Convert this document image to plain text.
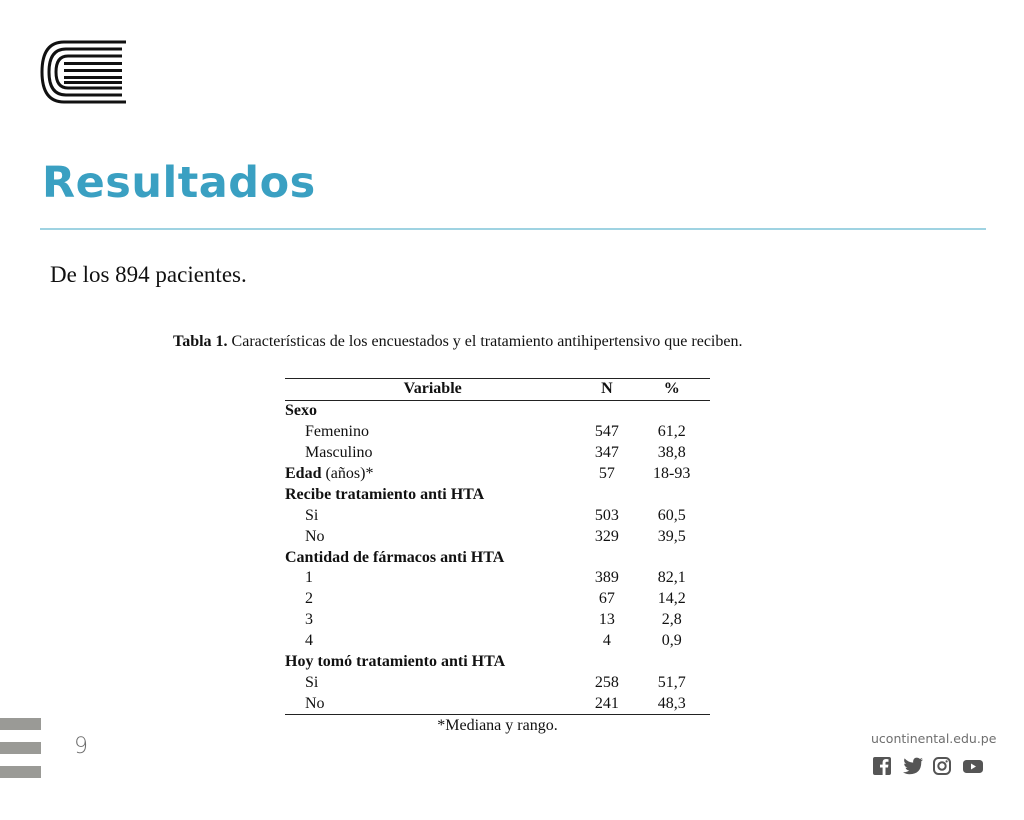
Resultados
De los 894 pacientes.
Tabla 1. Características de los encuestados y el tratamiento antihipertensivo que reciben.
Variable	N	%
Sexo		
Femenino	547	61,2
Masculino	347	38,8
Edad (años)*	57	18-93
Recibe tratamiento anti HTA		
Si	503	60,5
No	329	39,5
Cantidad de fármacos anti HTA		
1	389	82,1
2	67	14,2
3	13	2,8
4	4	0,9
Hoy tomó tratamiento anti HTA		
Si	258	51,7
No	241	48,3
*Mediana y rango.
9	ucontinental.edu.pe
